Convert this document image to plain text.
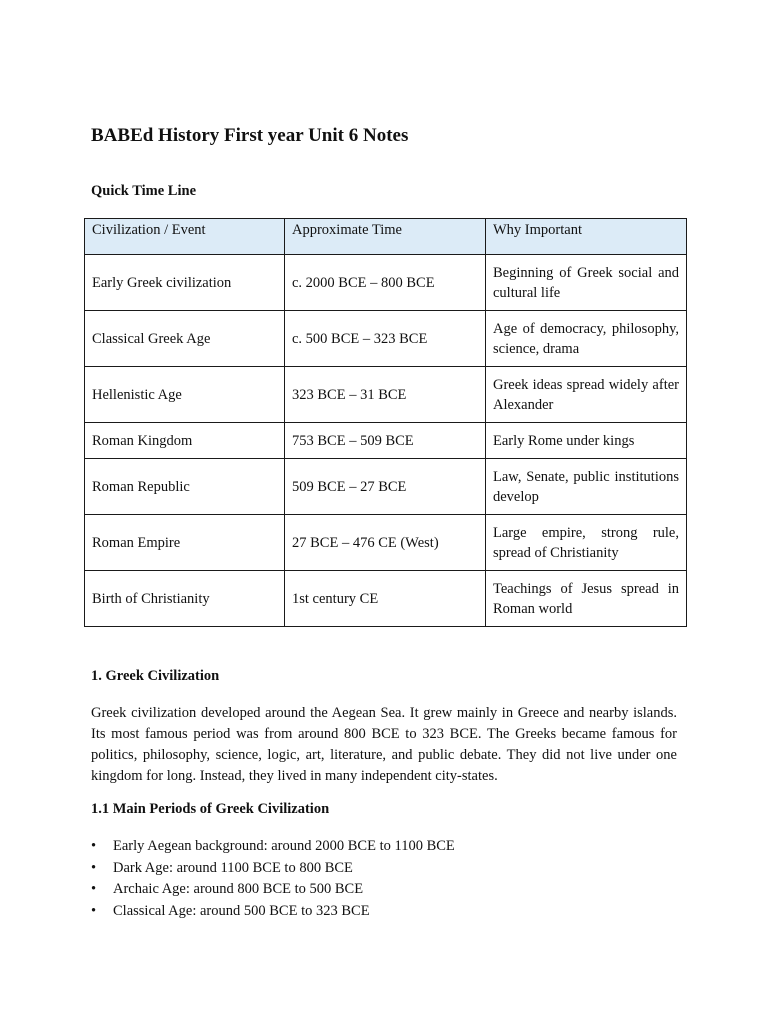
BABEd History First year Unit 6 Notes
Quick Time Line
Civilization / Event	Approximate Time	Why Important
Early Greek civilization	c. 2000 BCE – 800 BCE	Beginning of Greek social and cultural life
Classical Greek Age	c. 500 BCE – 323 BCE	Age of democracy, philosophy, science, drama
Hellenistic Age	323 BCE – 31 BCE	Greek ideas spread widely after Alexander
Roman Kingdom	753 BCE – 509 BCE	Early Rome under kings
Roman Republic	509 BCE – 27 BCE	Law, Senate, public institutions develop
Roman Empire	27 BCE – 476 CE (West)	Large empire, strong rule, spread of Christianity
Birth of Christianity	1st century CE	Teachings of Jesus spread in Roman world
1. Greek Civilization

Greek civilization developed around the Aegean Sea. It grew mainly in Greece and nearby islands. Its most famous period was from around 800 BCE to 323 BCE. The Greeks became famous for politics, philosophy, science, logic, art, literature, and public debate. They did not live under one kingdom for long. Instead, they lived in many independent city-states.

1.1 Main Periods of Greek Civilization
• Early Aegean background: around 2000 BCE to 1100 BCE
• Dark Age: around 1100 BCE to 800 BCE
• Archaic Age: around 800 BCE to 500 BCE
• Classical Age: around 500 BCE to 323 BCE
